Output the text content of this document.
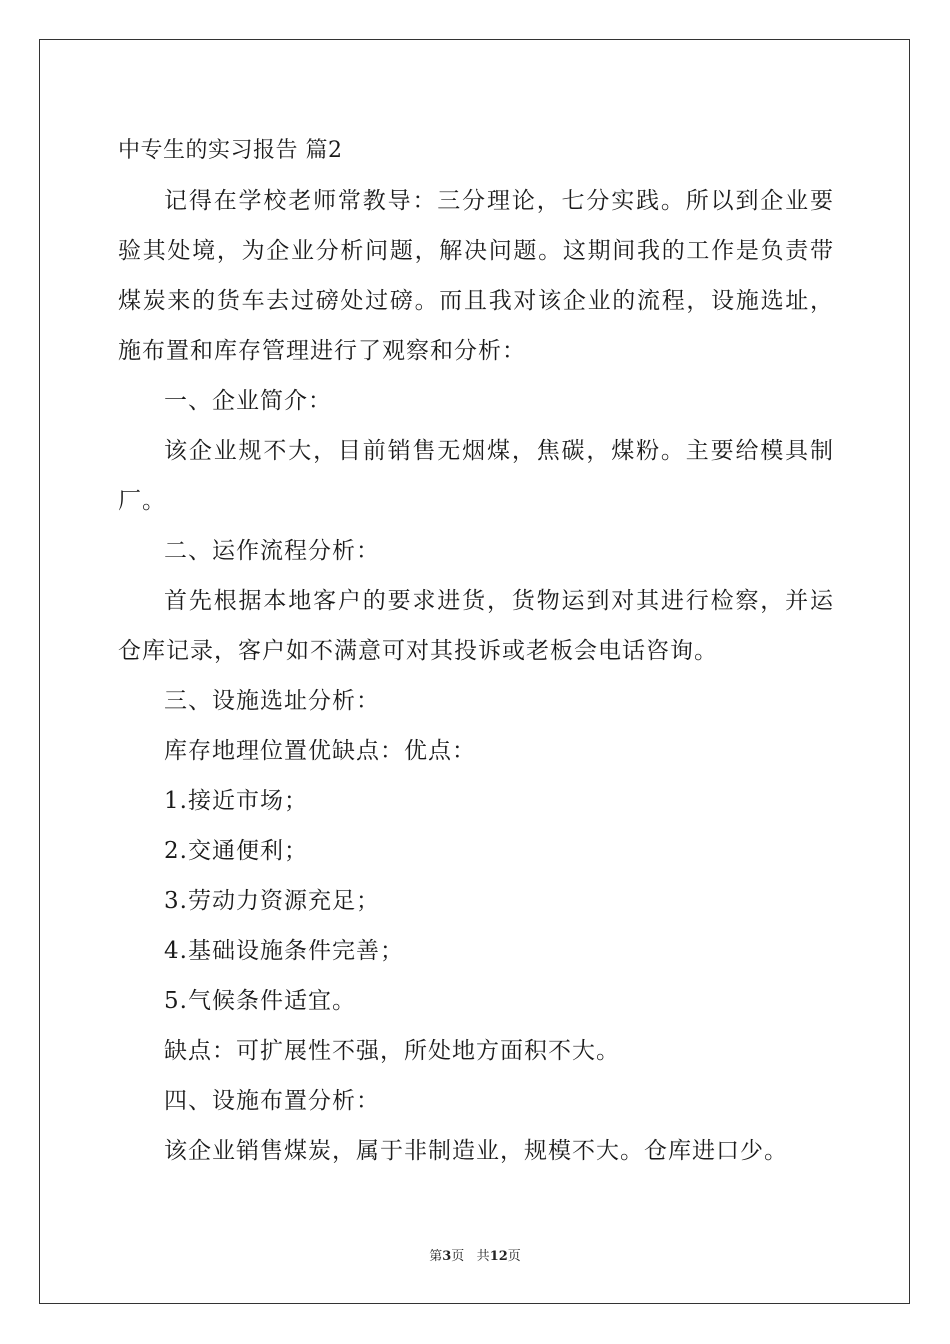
中专生的实习报告 篇2
记得在学校老师常教导：三分理论，七分实践。所以到企业要
验其处境，为企业分析问题，解决问题。这期间我的工作是负责带
煤炭来的货车去过磅处过磅。而且我对该企业的流程，设施选址，
施布置和库存管理进行了观察和分析：
一、企业简介：
该企业规不大，目前销售无烟煤，焦碳，煤粉。主要给模具制
厂。
二、运作流程分析：
首先根据本地客户的要求进货，货物运到对其进行检察，并运
仓库记录，客户如不满意可对其投诉或老板会电话咨询。
三、设施选址分析：
库存地理位置优缺点：优点：
1.接近市场；
2.交通便利；
3.劳动力资源充足；
4.基础设施条件完善；
5.气候条件适宜。
缺点：可扩展性不强，所处地方面积不大。
四、设施布置分析：
该企业销售煤炭，属于非制造业，规模不大。仓库进口少。
第3页 共12页
